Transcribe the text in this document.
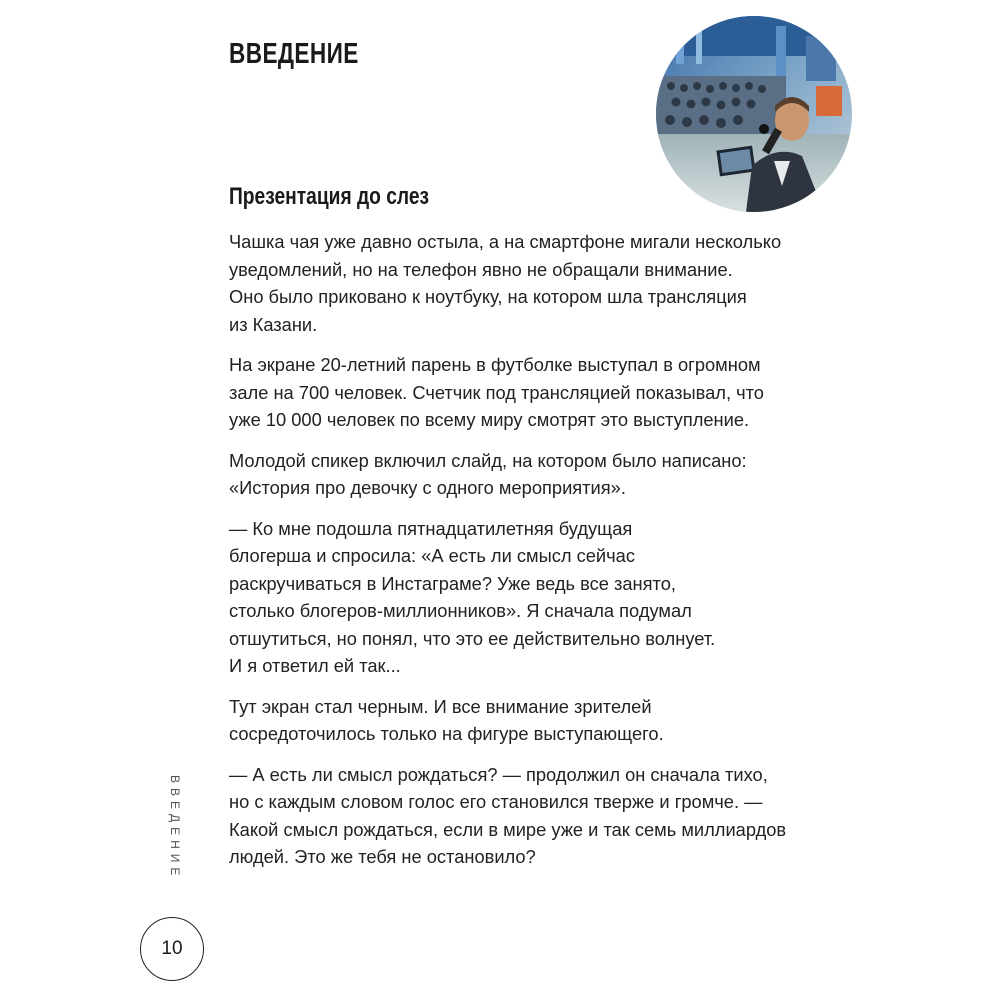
ВВЕДЕНИЕ
Презентация до слез

Чашка чая уже давно остыла, а на смартфоне мигали несколько
уведомлений, но на телефон явно не обращали внимание.
Оно было приковано к ноутбуку, на котором шла трансляция
из Казани.

На экране 20-летний парень в футболке выступал в огромном
зале на 700 человек. Счетчик под трансляцией показывал, что
уже 10 000 человек по всему миру смотрят это выступление.

Молодой спикер включил слайд, на котором было написано:
«История про девочку с одного мероприятия».

— Ко мне подошла пятнадцатилетняя будущая
блогерша и спросила: «А есть ли смысл сейчас
раскручиваться в Инстаграме? Уже ведь все занято,
столько блогеров-миллионников». Я сначала подумал
отшутиться, но понял, что это ее действительно волнует.
И я ответил ей так...

Тут экран стал черным. И все внимание зрителей
сосредоточилось только на фигуре выступающего.

— А есть ли смысл рождаться? — продолжил он сначала тихо,
но с каждым словом голос его становился тверже и громче. —
Какой смысл рождаться, если в мире уже и так семь миллиардов
людей. Это же тебя не остановило?

ВВЕДЕНИЕ
10
